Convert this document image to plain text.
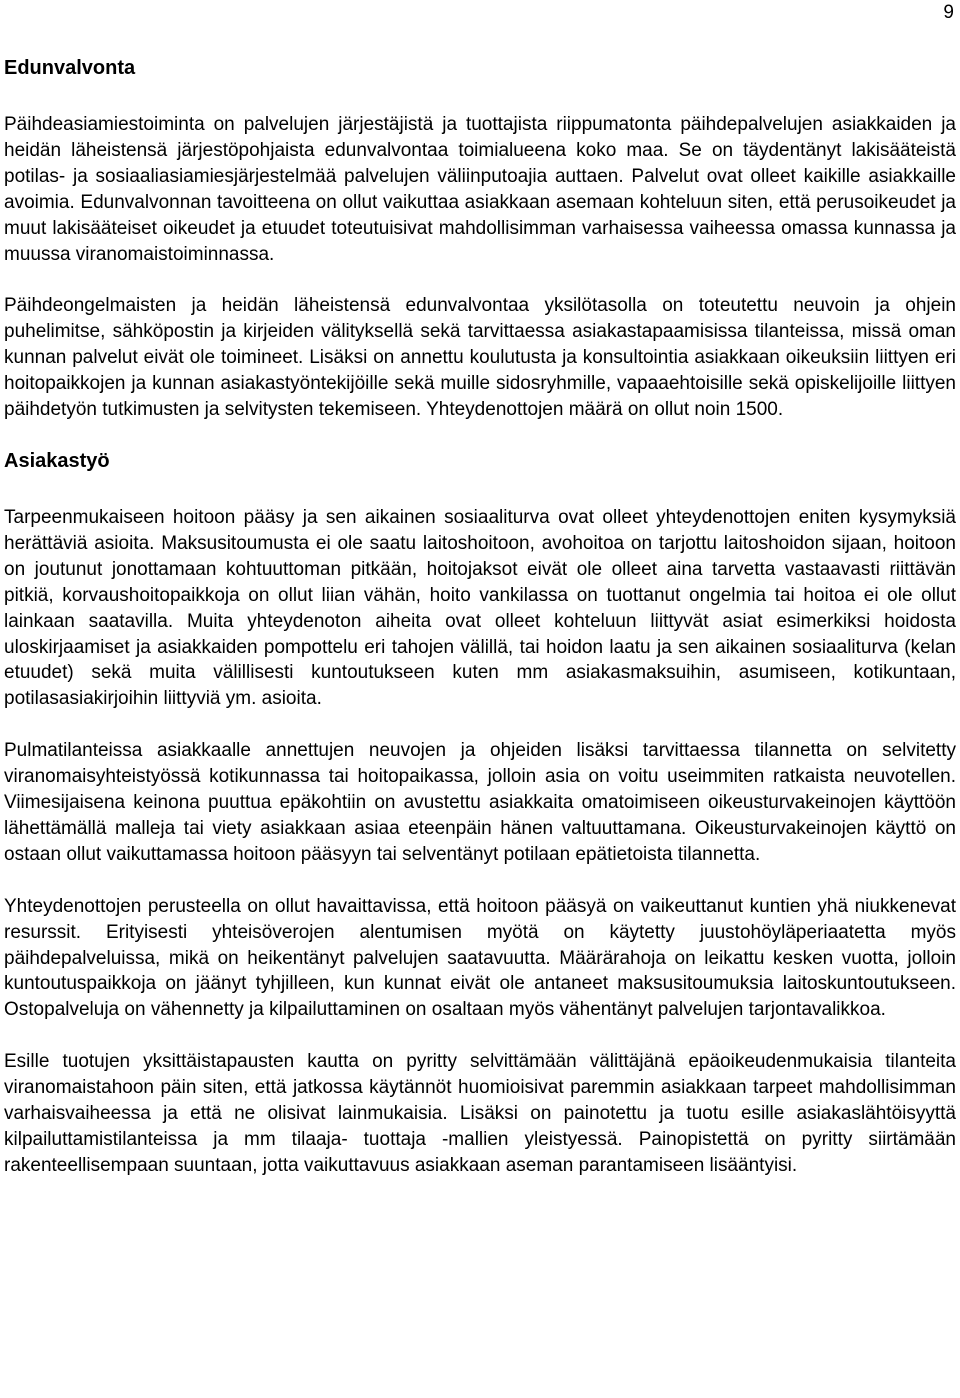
9
Edunvalvonta

Päihdeasiamiestoiminta on palvelujen järjestäjistä ja tuottajista riippumatonta päihdepalvelujen asiakkaiden ja heidän läheistensä järjestöpohjaista edunvalvontaa toimialueena koko maa. Se on täydentänyt lakisääteistä potilas- ja sosiaaliasiamiesjärjestelmää palvelujen väliinputoajia auttaen. Palvelut ovat olleet kaikille asiakkaille avoimia. Edunvalvonnan tavoitteena on ollut vaikuttaa asiakkaan asemaan kohteluun siten, että perusoikeudet ja muut lakisääteiset oikeudet ja etuudet toteutuisivat mahdollisimman varhaisessa vaiheessa omassa kunnassa ja muussa viranomaistoiminnassa.

Päihdeongelmaisten ja heidän läheistensä edunvalvontaa yksilötasolla on toteutettu neuvoin ja ohjein puhelimitse, sähköpostin ja kirjeiden välityksellä sekä tarvittaessa asiakastapaamisissa tilanteissa, missä oman kunnan palvelut eivät ole toimineet. Lisäksi on annettu koulutusta ja konsultointia asiakkaan oikeuksiin liittyen eri hoitopaikkojen ja kunnan asiakastyöntekijöille sekä muille sidosryhmille, vapaaehtoisille sekä opiskelijoille liittyen päihdetyön tutkimusten ja selvitysten tekemiseen. Yhteydenottojen määrä on ollut noin 1500.

Asiakastyö

Tarpeenmukaiseen hoitoon pääsy ja sen aikainen sosiaaliturva ovat olleet yhteydenottojen eniten kysymyksiä herättäviä asioita. Maksusitoumusta ei ole saatu laitoshoitoon, avohoitoa on tarjottu laitoshoidon sijaan, hoitoon on joutunut jonottamaan kohtuuttoman pitkään, hoitojaksot eivät ole olleet aina tarvetta vastaavasti riittävän pitkiä, korvaushoitopaikkoja on ollut liian vähän, hoito vankilassa on tuottanut ongelmia tai hoitoa ei ole ollut lainkaan saatavilla. Muita yhteydenoton aiheita ovat olleet kohteluun liittyvät asiat esimerkiksi hoidosta uloskirjaamiset ja asiakkaiden pompottelu eri tahojen välillä, tai hoidon laatu ja sen aikainen sosiaaliturva (kelan etuudet) sekä muita välillisesti kuntoutukseen kuten mm asiakasmaksuihin, asumiseen, kotikuntaan, potilasasiakirjoihin liittyviä ym. asioita.

Pulmatilanteissa asiakkaalle annettujen neuvojen ja ohjeiden lisäksi tarvittaessa tilannetta on selvitetty viranomaisyhteistyössä kotikunnassa tai hoitopaikassa, jolloin asia on voitu useimmiten ratkaista neuvotellen. Viimesijaisena keinona puuttua epäkohtiin on avustettu asiakkaita omatoimiseen oikeusturvakeinojen käyttöön lähettämällä malleja tai viety asiakkaan asiaa eteenpäin hänen valtuuttamana. Oikeusturvakeinojen käyttö on ostaan ollut vaikuttamassa hoitoon pääsyyn tai selventänyt potilaan epätietoista tilannetta.

Yhteydenottojen perusteella on ollut havaittavissa, että hoitoon pääsyä on vaikeuttanut kuntien yhä niukkenevat resurssit. Erityisesti yhteisöverojen alentumisen myötä on käytetty juustohöyläperiaatetta myös päihdepalveluissa, mikä on heikentänyt palvelujen saatavuutta. Määrärahoja on leikattu kesken vuotta, jolloin kuntoutuspaikkoja on jäänyt tyhjilleen, kun kunnat eivät ole antaneet maksusitoumuksia laitoskuntoutukseen. Ostopalveluja on vähennetty ja kilpailuttaminen on osaltaan myös vähentänyt palvelujen tarjontavalikkoa.

Esille tuotujen yksittäistapausten kautta on pyritty selvittämään välittäjänä epäoikeudenmukaisia tilanteita viranomaistahoon päin siten, että jatkossa käytännöt huomioisivat paremmin asiakkaan tarpeet mahdollisimman varhaisvaiheessa ja että ne olisivat lainmukaisia. Lisäksi on painotettu ja tuotu esille asiakaslähtöisyyttä kilpailuttamistilanteissa ja mm tilaaja- tuottaja -mallien yleistyessä. Painopistettä on pyritty siirtämään rakenteellisempaan suuntaan, jotta vaikuttavuus asiakkaan aseman parantamiseen lisääntyisi.
